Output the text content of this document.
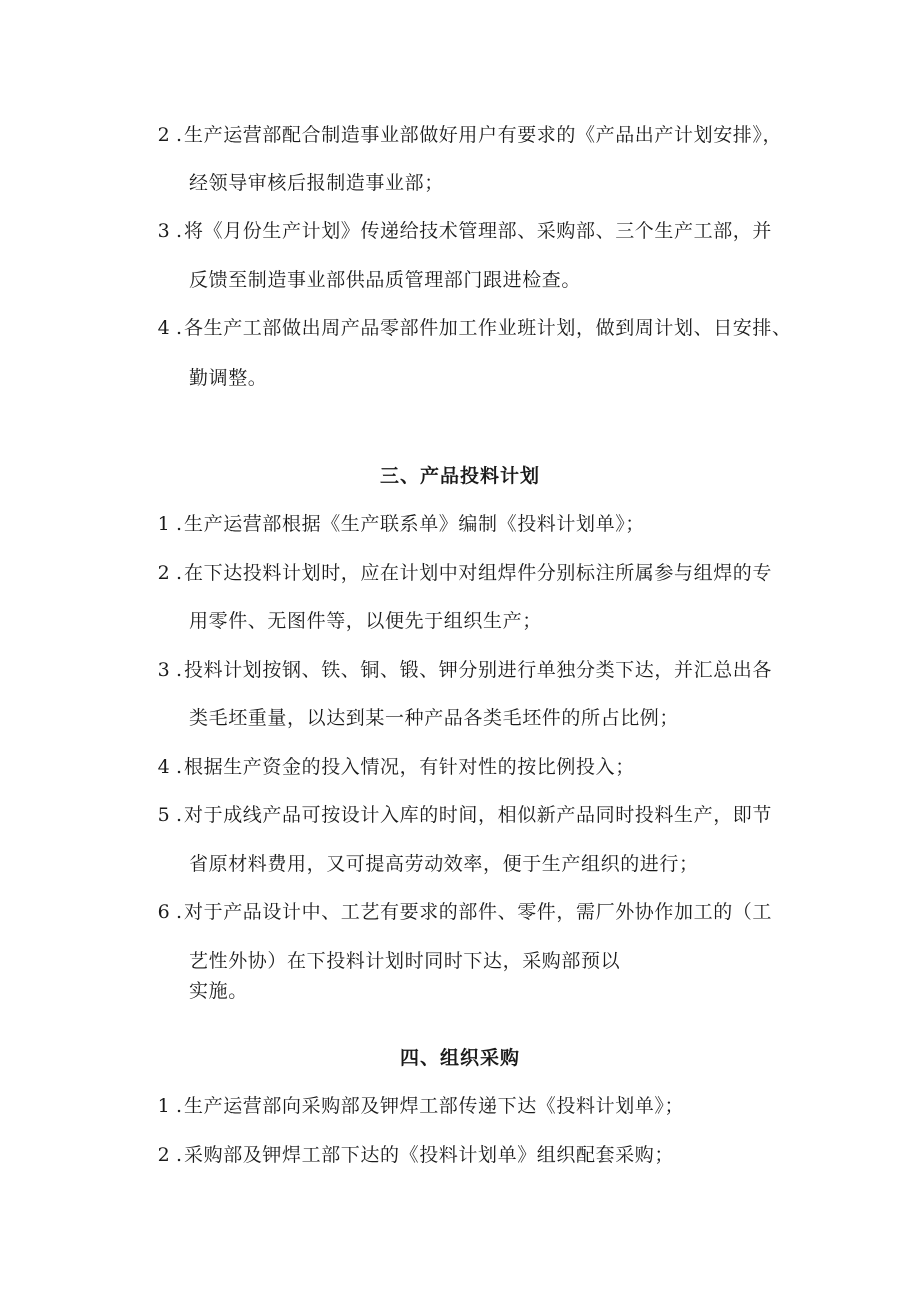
2 .生产运营部配合制造事业部做好用户有要求的《产品出产计划安排》，
经领导审核后报制造事业部；
3 .将《月份生产计划》传递给技术管理部、采购部、三个生产工部，并
反馈至制造事业部供品质管理部门跟进检查。
4 .各生产工部做出周产品零部件加工作业班计划，做到周计划、日安排、
勤调整。
三、产品投料计划
1 .生产运营部根据《生产联系单》编制《投料计划单》；
2 .在下达投料计划时，应在计划中对组焊件分别标注所属参与组焊的专
用零件、无图件等，以便先于组织生产；
3 .投料计划按钢、铁、铜、锻、钾分别进行单独分类下达，并汇总出各
类毛坯重量，以达到某一种产品各类毛坯件的所占比例；
4 .根据生产资金的投入情况，有针对性的按比例投入；
5 .对于成线产品可按设计入库的时间，相似新产品同时投料生产，即节
省原材料费用，又可提高劳动效率，便于生产组织的进行；
6 .对于产品设计中、工艺有要求的部件、零件，需厂外协作加工的（工
艺性外协）在下投料计划时同时下达，采购部预以
实施。
四、组织采购
1 .生产运营部向采购部及钾焊工部传递下达《投料计划单》；
2 .采购部及钾焊工部下达的《投料计划单》组织配套采购；
